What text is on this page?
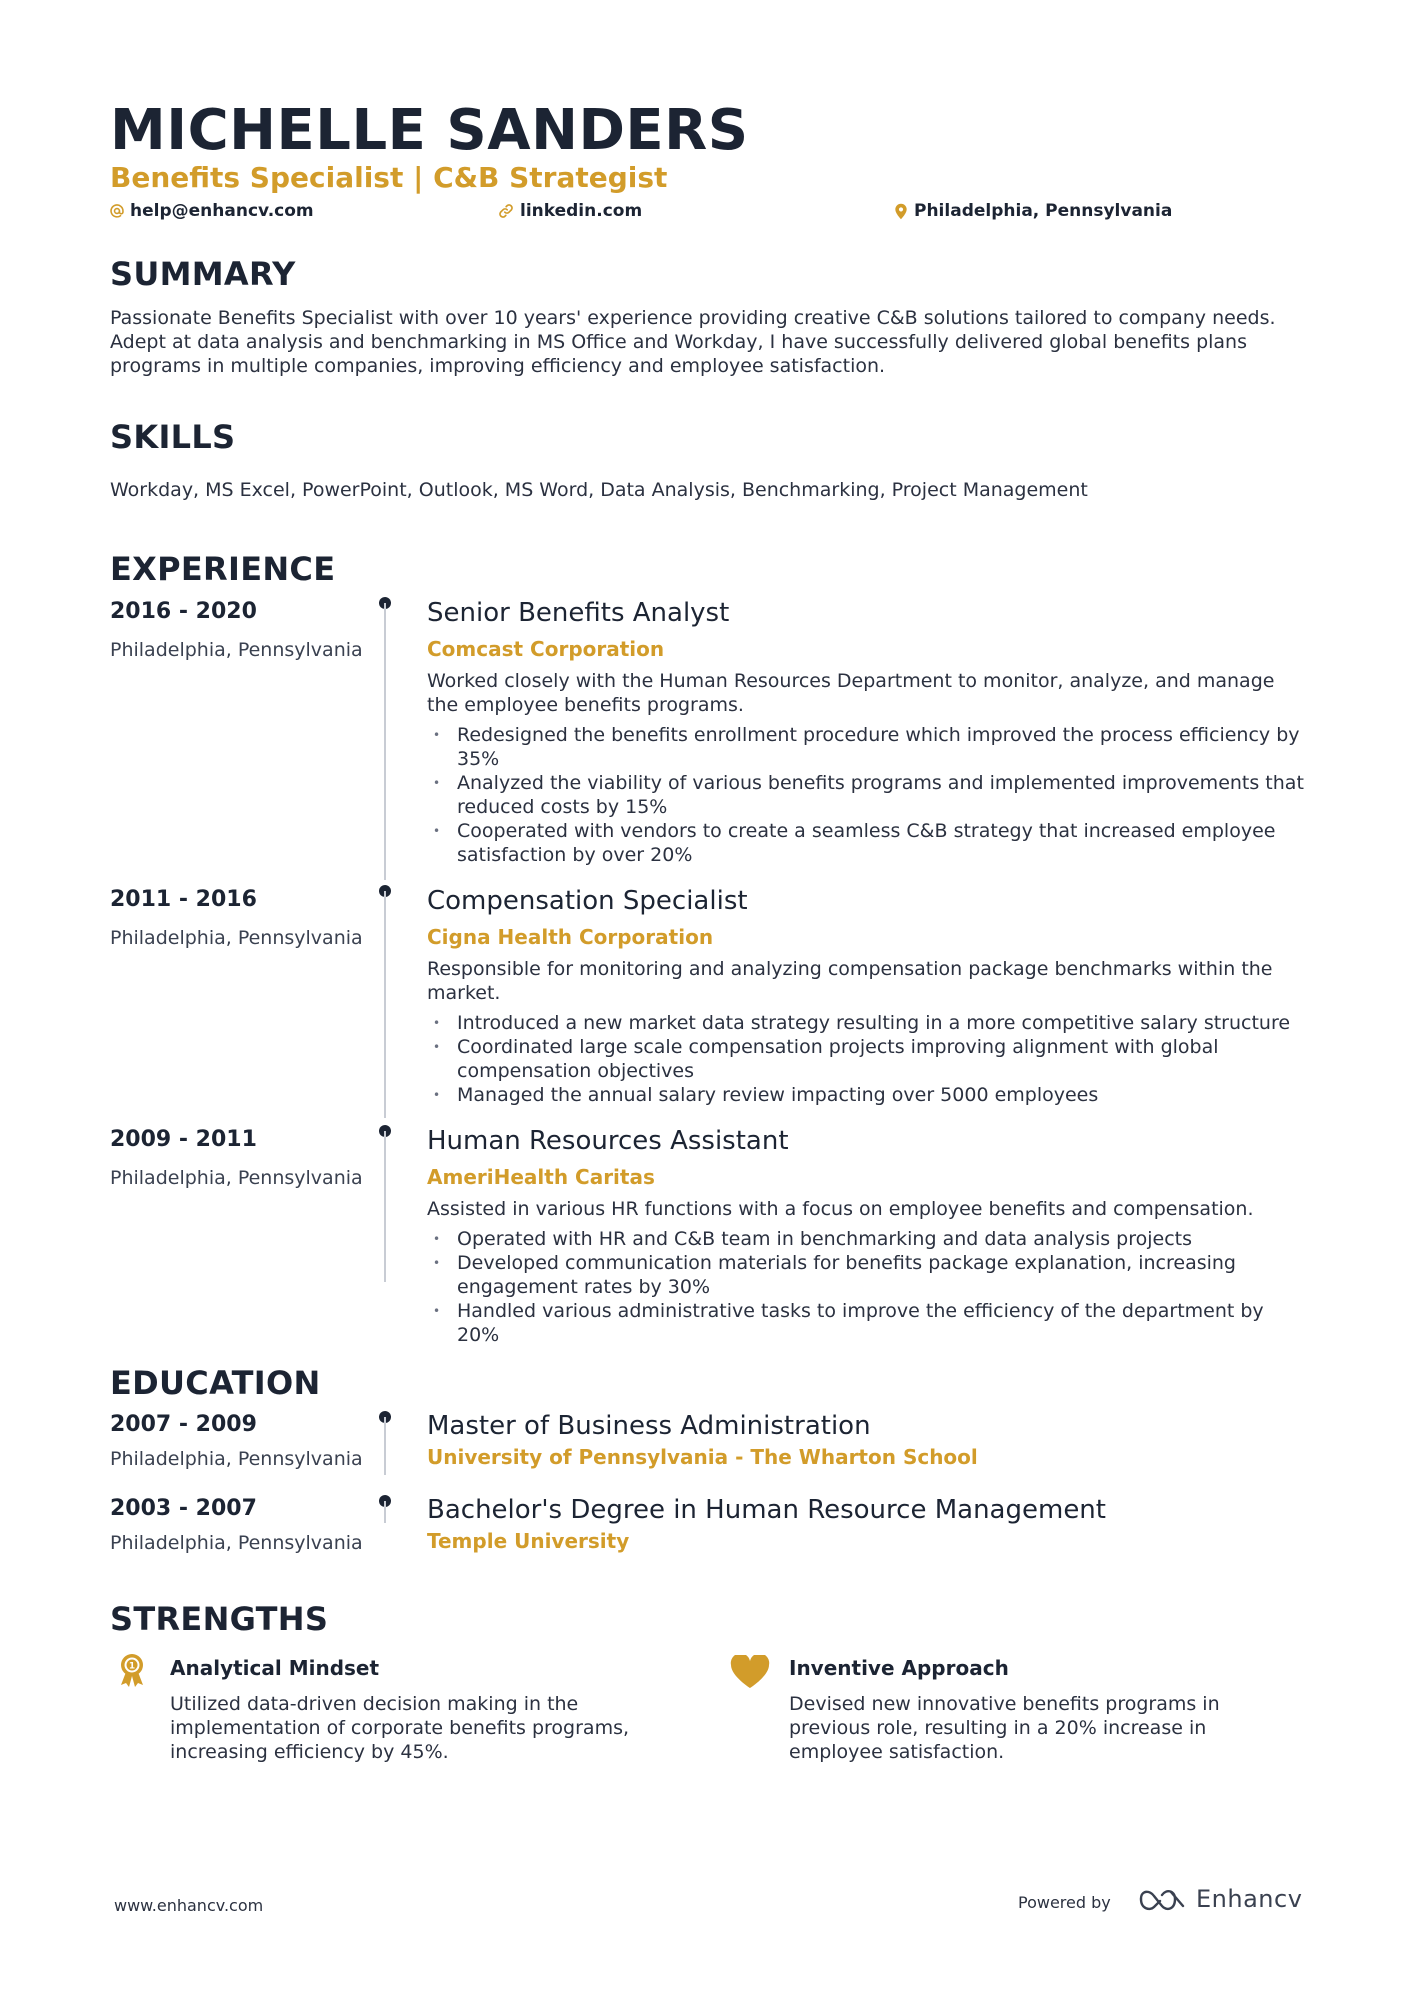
MICHELLE SANDERS
Benefits Specialist | C&B Strategist
help@enhancv.com	linkedin.com	Philadelphia, Pennsylvania
SUMMARY
Passionate Benefits Specialist with over 10 years' experience providing creative C&B solutions tailored to company needs. Adept at data analysis and benchmarking in MS Office and Workday, I have successfully delivered global benefits plans programs in multiple companies, improving efficiency and employee satisfaction.
SKILLS
Workday, MS Excel, PowerPoint, Outlook, MS Word, Data Analysis, Benchmarking, Project Management
EXPERIENCE
2016 - 2020
Philadelphia, Pennsylvania
Senior Benefits Analyst
Comcast Corporation
Worked closely with the Human Resources Department to monitor, analyze, and manage the employee benefits programs.
• Redesigned the benefits enrollment procedure which improved the process efficiency by 35%
• Analyzed the viability of various benefits programs and implemented improvements that reduced costs by 15%
• Cooperated with vendors to create a seamless C&B strategy that increased employee satisfaction by over 20%
2011 - 2016
Philadelphia, Pennsylvania
Compensation Specialist
Cigna Health Corporation
Responsible for monitoring and analyzing compensation package benchmarks within the market.
• Introduced a new market data strategy resulting in a more competitive salary structure
• Coordinated large scale compensation projects improving alignment with global compensation objectives
• Managed the annual salary review impacting over 5000 employees
2009 - 2011
Philadelphia, Pennsylvania
Human Resources Assistant
AmeriHealth Caritas
Assisted in various HR functions with a focus on employee benefits and compensation.
• Operated with HR and C&B team in benchmarking and data analysis projects
• Developed communication materials for benefits package explanation, increasing engagement rates by 30%
• Handled various administrative tasks to improve the efficiency of the department by 20%
EDUCATION
2007 - 2009
Philadelphia, Pennsylvania
Master of Business Administration
University of Pennsylvania - The Wharton School
2003 - 2007
Philadelphia, Pennsylvania
Bachelor's Degree in Human Resource Management
Temple University
STRENGTHS
1 Analytical Mindset
Utilized data-driven decision making in the implementation of corporate benefits programs, increasing efficiency by 45%.
Inventive Approach
Devised new innovative benefits programs in previous role, resulting in a 20% increase in employee satisfaction.
www.enhancv.com	Powered by	Enhancv
